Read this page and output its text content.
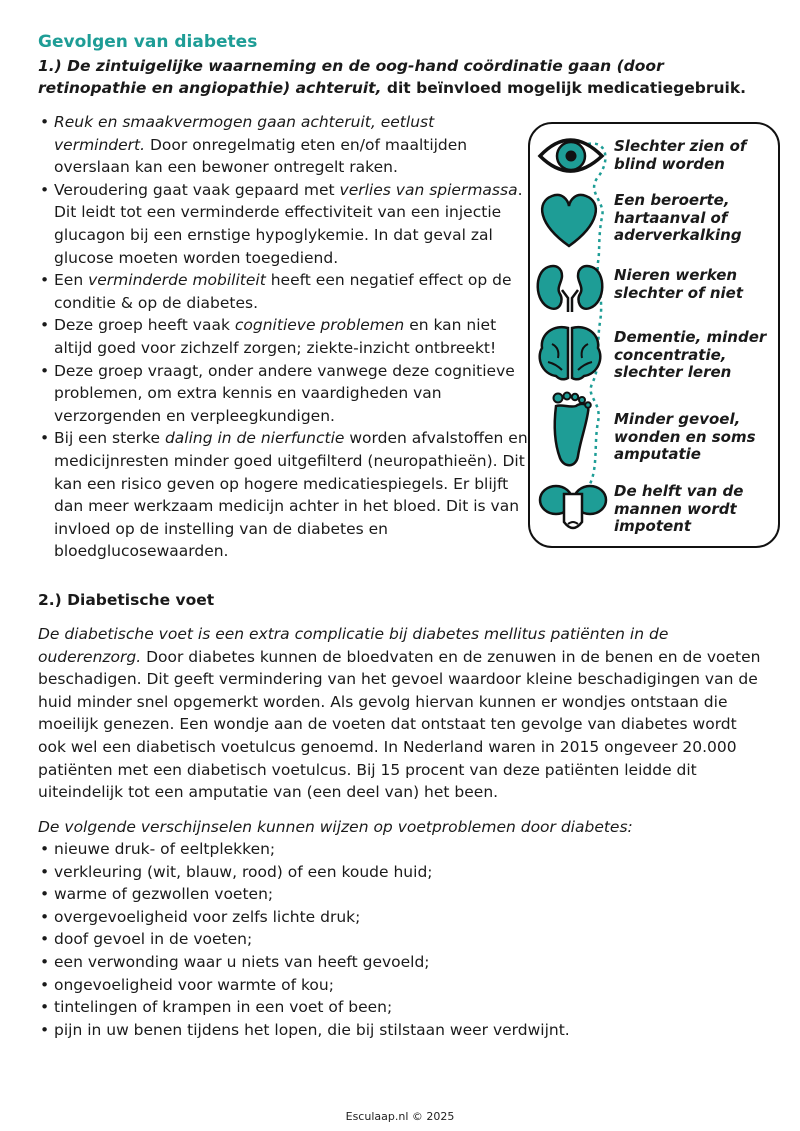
Gevolgen van diabetes
1.) De zintuigelijke waarneming en de oog-hand coördinatie gaan (door retinopathie en angiopathie) achteruit, dit beïnvloed mogelijk medicatiegebruik.
• Reuk en smaakvermogen gaan achteruit, eetlust vermindert. Door onregelmatig eten en/of maaltijden overslaan kan een bewoner ontregelt raken.
• Veroudering gaat vaak gepaard met verlies van spiermassa. Dit leidt tot een verminderde effectiviteit van een injectie glucagon bij een ernstige hypoglykemie. In dat geval zal glucose moeten worden toegediend.
• Een verminderde mobiliteit heeft een negatief effect op de conditie & op de diabetes.
• Deze groep heeft vaak cognitieve problemen en kan niet altijd goed voor zichzelf zorgen; ziekte-inzicht ontbreekt!
• Deze groep vraagt, onder andere vanwege deze cognitieve problemen, om extra kennis en vaardigheden van verzorgenden en verpleegkundigen.
• Bij een sterke daling in de nierfunctie worden afvalstoffen en medicijnresten minder goed uitgefilterd (neuropathieën). Dit kan een risico geven op hogere medicatiespiegels. Er blijft dan meer werkzaam medicijn achter in het bloed. Dit is van invloed op de instelling van de diabetes en bloedglucosewaarden.
Slechter zien of
blind worden
Een beroerte,
hartaanval of
aderverkalking
Nieren werken
slechter of niet
Dementie, minder
concentratie,
slechter leren
Minder gevoel,
wonden en soms
amputatie
De helft van de
mannen wordt
impotent
2.) Diabetische voet

De diabetische voet is een extra complicatie bij diabetes mellitus patiënten in de ouderenzorg. Door diabetes kunnen de bloedvaten en de zenuwen in de benen en de voeten beschadigen. Dit geeft vermindering van het gevoel waardoor kleine beschadigingen van de huid minder snel opgemerkt worden. Als gevolg hiervan kunnen er wondjes ontstaan die moeilijk genezen. Een wondje aan de voeten dat ontstaat ten gevolge van diabetes wordt ook wel een diabetisch voetulcus genoemd. In Nederland waren in 2015 ongeveer 20.000 patiënten met een diabetisch voetulcus. Bij 15 procent van deze patiënten leidde dit uiteindelijk tot een amputatie van (een deel van) het been.

De volgende verschijnselen kunnen wijzen op voetproblemen door diabetes:
• nieuwe druk- of eeltplekken;
• verkleuring (wit, blauw, rood) of een koude huid;
• warme of gezwollen voeten;
• overgevoeligheid voor zelfs lichte druk;
• doof gevoel in de voeten;
• een verwonding waar u niets van heeft gevoeld;
• ongevoeligheid voor warmte of kou;
• tintelingen of krampen in een voet of been;
• pijn in uw benen tijdens het lopen, die bij stilstaan weer verdwijnt.
Esculaap.nl © 2025
